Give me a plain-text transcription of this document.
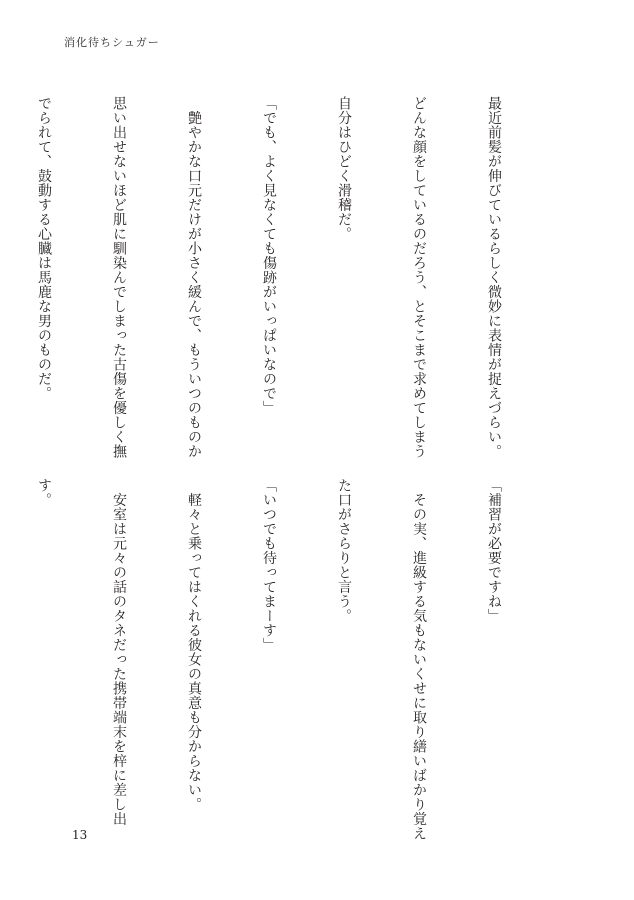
消化待ちシュガー

最近前髪が伸びているらしく微妙に表情が捉えづらい。

どんな顔をしているのだろう、とそこまで求めてしまう

自分はひどく滑稽だ。

「でも、よく見なくても傷跡がいっぱいなので」

　艶やかな口元だけが小さく緩んで、もういつのものか

思い出せないほど肌に馴染んでしまった古傷を優しく撫

でられて、鼓動する心臓は馬鹿な男のものだ。

「補習が必要ですね」

　その実、進級する気もないくせに取り繕いばかり覚え

た口がさらりと言う。

「いつでも待ってまーす」

　軽々と乗ってはくれる彼女の真意も分からない。

　安室は元々の話のタネだった携帯端末を梓に差し出

す。

13
